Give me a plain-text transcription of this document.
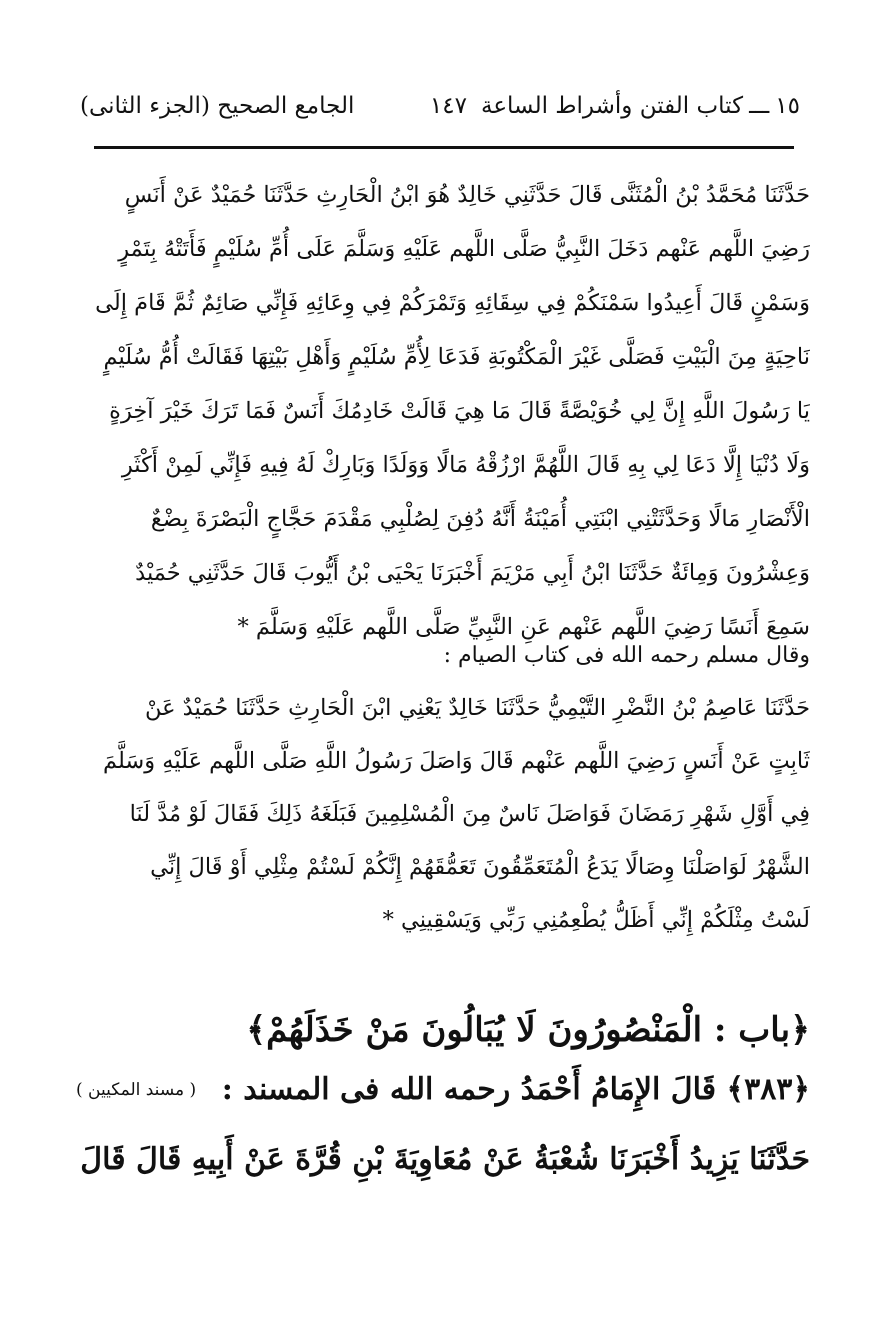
١٥
ـــ
كتاب الفتن وأشراط الساعة
١٤٧
الجامع الصحيح (الجزء الثانى)
حَدَّثَنَا مُحَمَّدُ بْنُ الْمُثَنَّى قَالَ حَدَّثَنِي خَالِدٌ هُوَ ابْنُ الْحَارِثِ حَدَّثَنَا حُمَيْدٌ عَنْ أَنَسٍ
رَضِيَ اللَّهم عَنْهم دَخَلَ النَّبِيُّ صَلَّى اللَّهم عَلَيْهِ وَسَلَّمَ عَلَى أُمِّ سُلَيْمٍ فَأَتَتْهُ بِتَمْرٍ
وَسَمْنٍ قَالَ أَعِيدُوا سَمْنَكُمْ فِي سِقَائِهِ وَتَمْرَكُمْ فِي وِعَائِهِ فَإِنِّي صَائِمٌ ثُمَّ قَامَ إِلَى
نَاحِيَةٍ مِنَ الْبَيْتِ فَصَلَّى غَيْرَ الْمَكْتُوبَةِ فَدَعَا لِأُمِّ سُلَيْمٍ وَأَهْلِ بَيْتِهَا فَقَالَتْ أُمُّ سُلَيْمٍ
يَا رَسُولَ اللَّهِ إِنَّ لِي خُوَيْصَّةً قَالَ مَا هِيَ قَالَتْ خَادِمُكَ أَنَسٌ فَمَا تَرَكَ خَيْرَ آخِرَةٍ
وَلَا دُنْيَا إِلَّا دَعَا لِي بِهِ قَالَ اللَّهُمَّ ارْزُقْهُ مَالًا وَوَلَدًا وَبَارِكْ لَهُ فِيهِ فَإِنِّي لَمِنْ أَكْثَرِ
الْأَنْصَارِ مَالًا وَحَدَّثَتْنِي ابْنَتِي أُمَيْنَةُ أَنَّهُ دُفِنَ لِصُلْبِي مَقْدَمَ حَجَّاجٍ الْبَصْرَةَ بِضْعٌ
وَعِشْرُونَ وَمِائَةٌ حَدَّثَنَا ابْنُ أَبِي مَرْيَمَ أَخْبَرَنَا يَحْيَى بْنُ أَيُّوبَ قَالَ حَدَّثَنِي حُمَيْدٌ
سَمِعَ أَنَسًا رَضِيَ اللَّهم عَنْهم عَنِ النَّبِيِّ صَلَّى اللَّهم عَلَيْهِ وَسَلَّمَ *
وقال مسلم رحمه الله فى كتاب الصيام :
حَدَّثَنَا عَاصِمُ بْنُ النَّضْرِ التَّيْمِيُّ حَدَّثَنَا خَالِدٌ يَعْنِي ابْنَ الْحَارِثِ حَدَّثَنَا حُمَيْدٌ عَنْ
ثَابِتٍ عَنْ أَنَسٍ رَضِيَ اللَّهم عَنْهم قَالَ وَاصَلَ رَسُولُ اللَّهِ صَلَّى اللَّهم عَلَيْهِ وَسَلَّمَ
فِي أَوَّلِ شَهْرِ رَمَضَانَ فَوَاصَلَ نَاسٌ مِنَ الْمُسْلِمِينَ فَبَلَغَهُ ذَلِكَ فَقَالَ لَوْ مُدَّ لَنَا
الشَّهْرُ لَوَاصَلْنَا وِصَالًا يَدَعُ الْمُتَعَمِّقُونَ تَعَمُّقَهُمْ إِنَّكُمْ لَسْتُمْ مِثْلِي أَوْ قَالَ إِنِّي
لَسْتُ مِثْلَكُمْ إِنِّي أَظَلُّ يُطْعِمُنِي رَبِّي وَيَسْقِينِي *
﴿باب : الْمَنْصُورُونَ لَا يُبَالُونَ مَنْ خَذَلَهُمْ﴾
﴿٣٨٣﴾ قَالَ الإِمَامُ أَحْمَدُ رحمه الله فى المسند :
( مسند المكيين )
حَدَّثَنَا يَزِيدُ أَخْبَرَنَا شُعْبَةُ عَنْ مُعَاوِيَةَ بْنِ قُرَّةَ عَنْ أَبِيهِ قَالَ قَالَ
